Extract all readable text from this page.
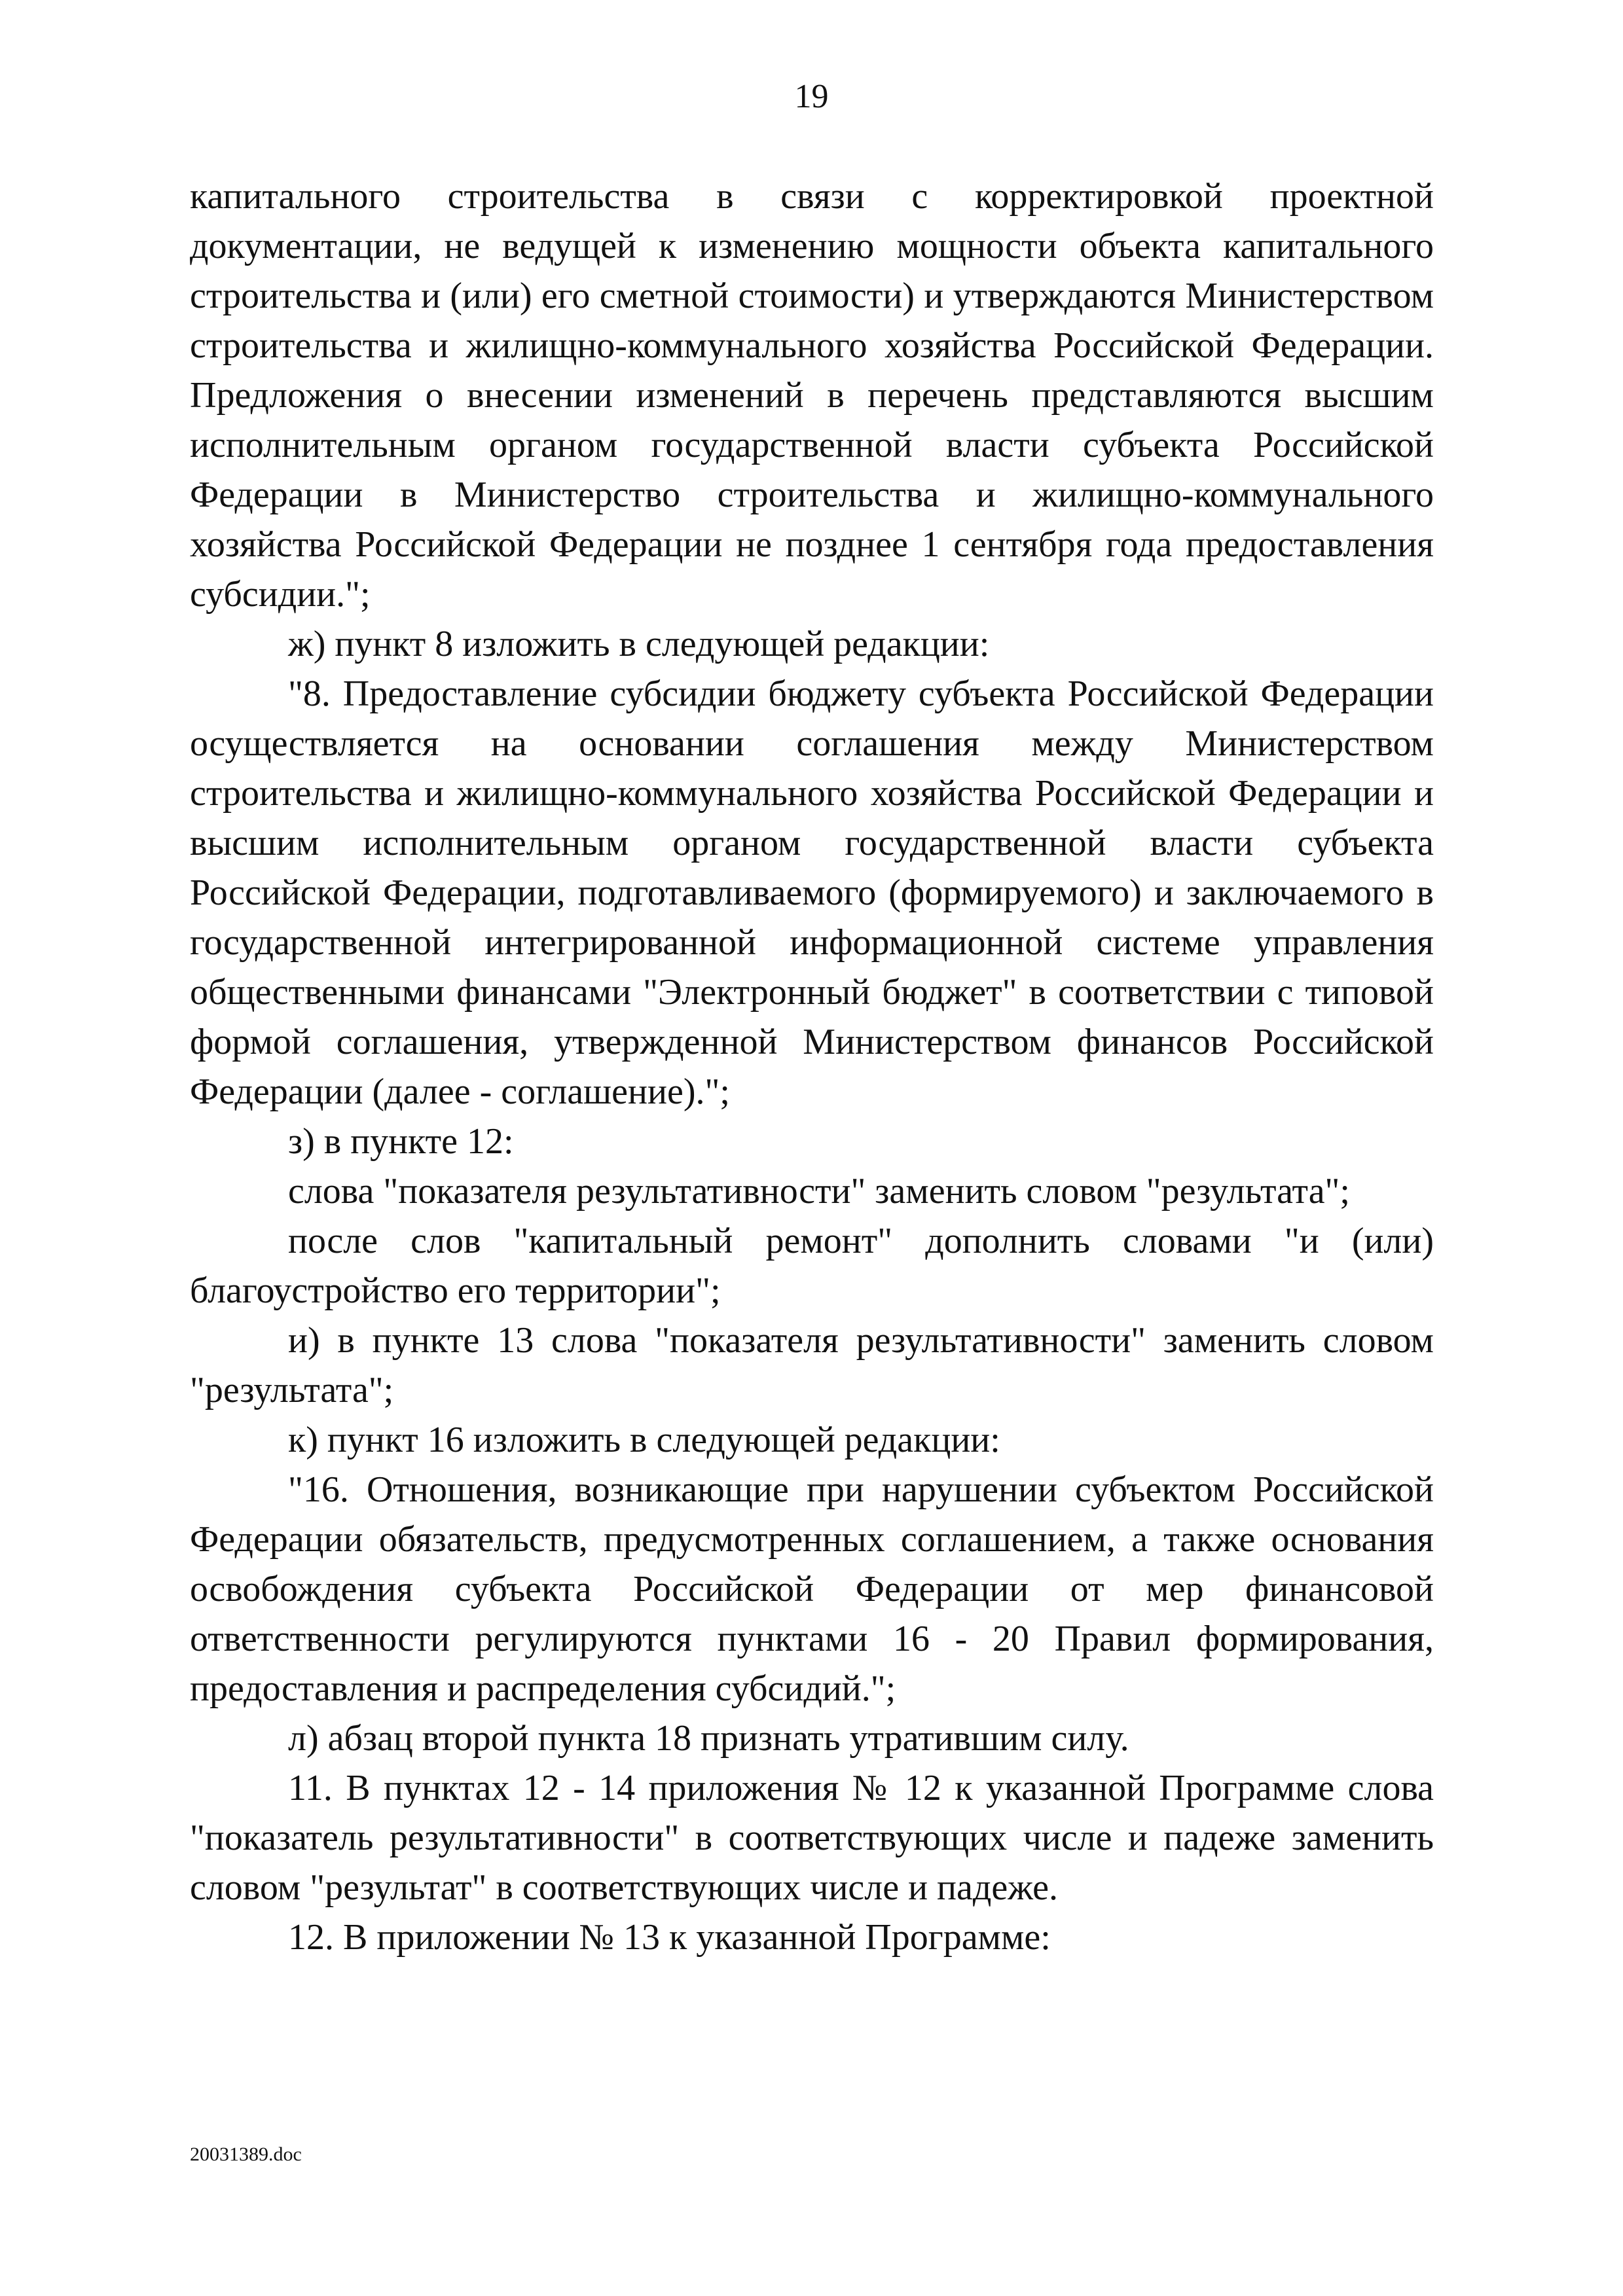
19

капитального строительства в связи с корректировкой проектной документации, не ведущей к изменению мощности объекта капитального строительства и (или) его сметной стоимости) и утверждаются Министерством строительства и жилищно-коммунального хозяйства Российской Федерации. Предложения о внесении изменений в перечень представляются высшим исполнительным органом государственной власти субъекта Российской Федерации в Министерство строительства и жилищно-коммунального хозяйства Российской Федерации не позднее 1 сентября года предоставления субсидии.";

ж) пункт 8 изложить в следующей редакции:

"8. Предоставление субсидии бюджету субъекта Российской Федерации осуществляется на основании соглашения между Министерством строительства и жилищно-коммунального хозяйства Российской Федерации и высшим исполнительным органом государственной власти субъекта Российской Федерации, подготавливаемого (формируемого) и заключаемого в государственной интегрированной информационной системе управления общественными финансами "Электронный бюджет" в соответствии с типовой формой соглашения, утвержденной Министерством финансов Российской Федерации (далее - соглашение).";

з) в пункте 12:

слова "показателя результативности" заменить словом "результата";

после слов "капитальный ремонт" дополнить словами "и (или) благоустройство его территории";

и) в пункте 13 слова "показателя результативности" заменить словом "результата";

к) пункт 16 изложить в следующей редакции:

"16. Отношения, возникающие при нарушении субъектом Российской Федерации обязательств, предусмотренных соглашением, а также основания освобождения субъекта Российской Федерации от мер финансовой ответственности регулируются пунктами 16 - 20 Правил формирования, предоставления и распределения субсидий.";

л) абзац второй пункта 18 признать утратившим силу.

11. В пунктах 12 - 14 приложения № 12 к указанной Программе слова "показатель результативности" в соответствующих числе и падеже заменить словом "результат" в соответствующих числе и падеже.

12. В приложении № 13 к указанной Программе:

20031389.doc
